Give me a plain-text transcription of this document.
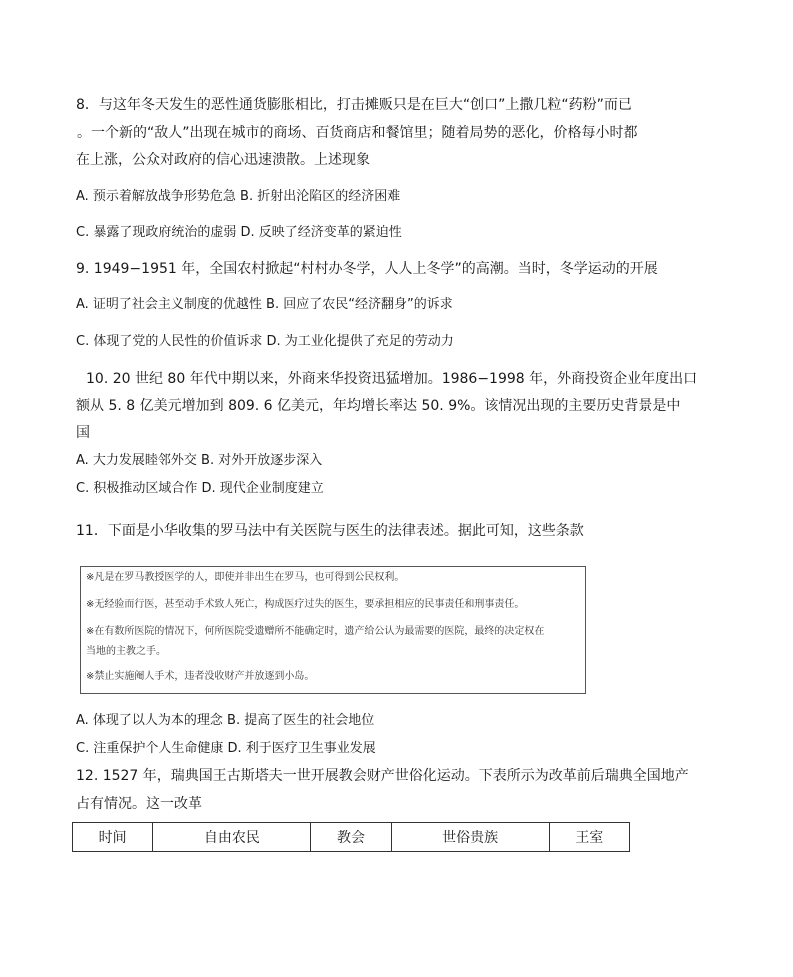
8．与这年冬天发生的恶性通货膨胀相比，打击摊贩只是在巨大“创口”上撒几粒“药粉”而已
。一个新的“敌人”出现在城市的商场、百货商店和餐馆里；随着局势的恶化，价格每小时都
在上涨，公众对政府的信心迅速溃散。上述现象
A. 预示着解放战争形势危急 B. 折射出沦陷区的经济困难
C. 暴露了现政府统治的虚弱 D. 反映了经济变革的紧迫性
9. 1949−1951 年，全国农村掀起“村村办冬学，人人上冬学”的高潮。当时，冬学运动的开展
A. 证明了社会主义制度的优越性 B. 回应了农民“经济翻身”的诉求
C. 体现了党的人民性的价值诉求 D. 为工业化提供了充足的劳动力
10. 20 世纪 80 年代中期以来，外商来华投资迅猛增加。1986−1998 年，外商投资企业年度出口
额从 5. 8 亿美元增加到 809. 6 亿美元，年均增长率达 50. 9%。该情况出现的主要历史背景是中
国
A. 大力发展睦邻外交 B. 对外开放逐步深入
C. 积极推动区域合作 D. 现代企业制度建立
11．下面是小华收集的罗马法中有关医院与医生的法律表述。据此可知，这些条款
※凡是在罗马教授医学的人，即使并非出生在罗马，也可得到公民权利。
※无经验而行医，甚至动手术致人死亡，构成医疗过失的医生，要承担相应的民事责任和刑事责任。
※在有数所医院的情况下，何所医院受遗赠所不能确定时，遗产给公认为最需要的医院，最终的决定权在
当地的主教之手。
※禁止实施阉人手术，违者没收财产并放逐到小岛。
A. 体现了以人为本的理念 B. 提高了医生的社会地位
C. 注重保护个人生命健康 D. 利于医疗卫生事业发展
12. 1527 年，瑞典国王古斯塔夫一世开展教会财产世俗化运动。下表所示为改革前后瑞典全国地产
占有情况。这一改革
时间	自由农民	教会	世俗贵族	王室
